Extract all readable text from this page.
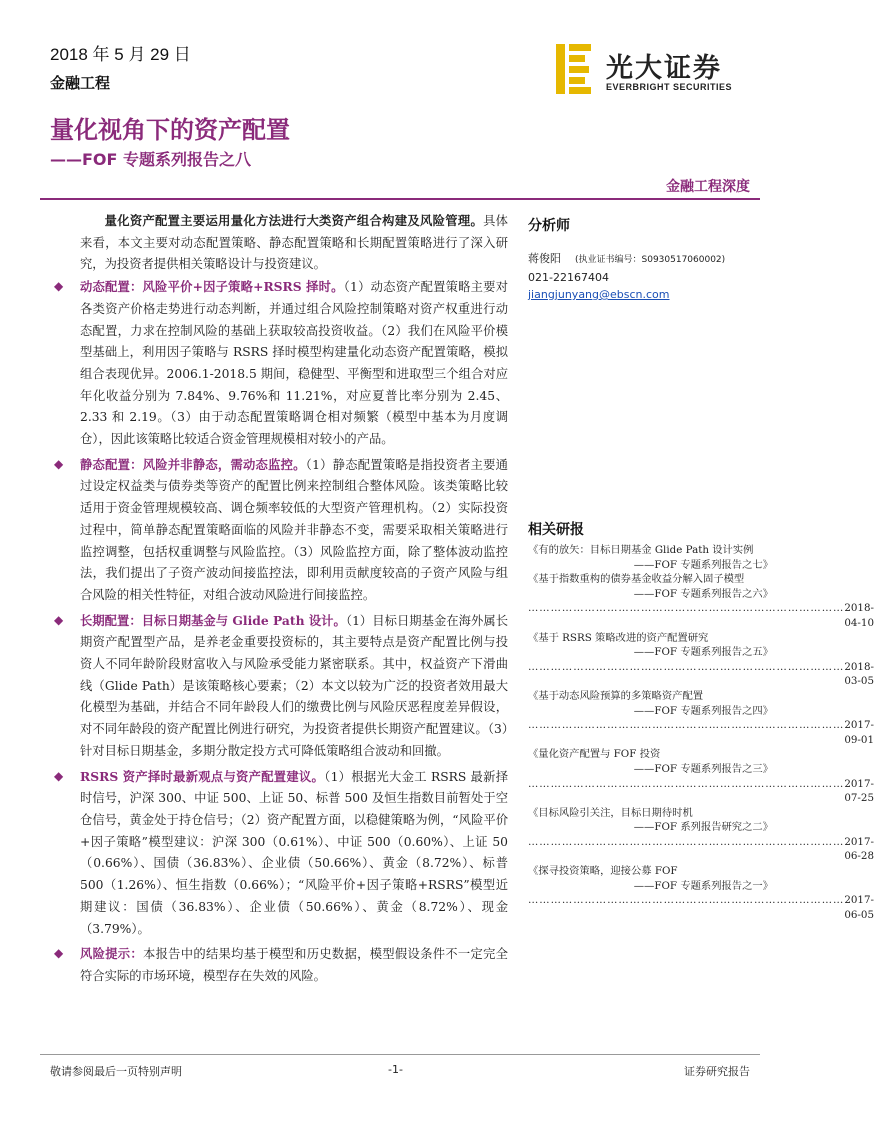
2018 年 5 月 29 日
金融工程	光大证券
EVERBRIGHT SECURITIES
量化视角下的资产配置
——FOF 专题系列报告之八
金融工程深度

量化资产配置主要运用量化方法进行大类资产组合构建及风险管理。具体来看，本文主要对动态配置策略、静态配置策略和长期配置策略进行了深入研究，为投资者提供相关策略设计与投资建议。

◆ 动态配置：风险平价+因子策略+RSRS 择时。（1）动态资产配置策略主要对各类资产价格走势进行动态判断，并通过组合风险控制策略对资产权重进行动态配置，力求在控制风险的基础上获取较高投资收益。（2）我们在风险平价模型基础上，利用因子策略与 RSRS 择时模型构建量化动态资产配置策略，模拟组合表现优异。2006.1-2018.5 期间，稳健型、平衡型和进取型三个组合对应年化收益分别为 7.84%、9.76%和 11.21%，对应夏普比率分别为 2.45、2.33 和 2.19。（3）由于动态配置策略调仓相对频繁（模型中基本为月度调仓），因此该策略比较适合资金管理规模相对较小的产品。

◆ 静态配置：风险并非静态，需动态监控。（1）静态配置策略是指投资者主要通过设定权益类与债券类等资产的配置比例来控制组合整体风险。该类策略比较适用于资金管理规模较高、调仓频率较低的大型资产管理机构。（2）实际投资过程中，简单静态配置策略面临的风险并非静态不变，需要采取相关策略进行监控调整，包括权重调整与风险监控。（3）风险监控方面，除了整体波动监控法，我们提出了子资产波动间接监控法，即利用贡献度较高的子资产风险与组合风险的相关性特征，对组合波动风险进行间接监控。

◆ 长期配置：目标日期基金与 Glide Path 设计。（1）目标日期基金在海外属长期资产配置型产品，是养老金重要投资标的，其主要特点是资产配置比例与投资人不同年龄阶段财富收入与风险承受能力紧密联系。其中，权益资产下滑曲线（Glide Path）是该策略核心要素；（2）本文以较为广泛的投资者效用最大化模型为基础，并结合不同年龄段人们的缴费比例与风险厌恶程度差异假设，对不同年龄段的资产配置比例进行研究，为投资者提供长期资产配置建议。（3）针对目标日期基金，多期分散定投方式可降低策略组合波动和回撤。

◆ RSRS 资产择时最新观点与资产配置建议。（1）根据光大金工 RSRS 最新择时信号，沪深 300、中证 500、上证 50、标普 500 及恒生指数目前暂处于空仓信号，黄金处于持仓信号；（2）资产配置方面，以稳健策略为例，“风险平价+因子策略”模型建议：沪深 300（0.61%）、中证 500（0.60%）、上证 50（0.66%）、国债（36.83%）、企业债（50.66%）、黄金（8.72%）、标普 500（1.26%）、恒生指数（0.66%）；“风险平价+因子策略+RSRS”模型近期建议：国债（36.83%）、企业债（50.66%）、黄金（8.72%）、现金（3.79%）。

◆ 风险提示：本报告中的结果均基于模型和历史数据，模型假设条件不一定完全符合实际的市场环境，模型存在失效的风险。

分析师
蒋俊阳 (执业证书编号：S0930517060002)
021-22167404
jiangjunyang@ebscn.com
相关研报

《有的放矢：目标日期基金 Glide Path 设计实例

——FOF 专题系列报告之七》

《基于指数重构的债券基金收益分解入固子模型

——FOF 专题系列报告之六》

………………………………………………………………………… 2018-04-10

《基于 RSRS 策略改进的资产配置研究

——FOF 专题系列报告之五》

………………………………………………………………………… 2018-03-05

《基于动态风险预算的多策略资产配置

——FOF 专题系列报告之四》

………………………………………………………………………… 2017-09-01

《量化资产配置与 FOF 投资

——FOF 专题系列报告之三》

………………………………………………………………………… 2017-07-25

《目标风险引关注，目标日期待时机

——FOF 系列报告研究之二》

………………………………………………………………………… 2017-06-28

《探寻投资策略，迎接公募 FOF

——FOF 专题系列报告之一》

………………………………………………………………………… 2017-06-05

敬请参阅最后一页特别声明	-1-	证券研究报告
